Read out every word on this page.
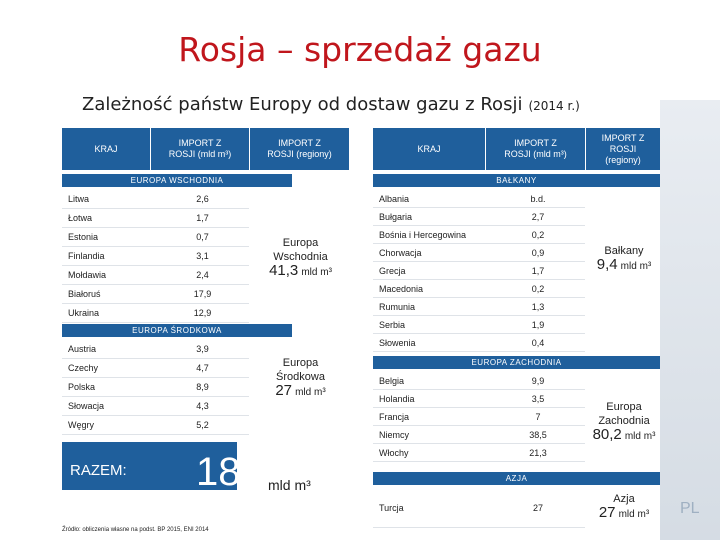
PL
Rosja – sprzedaż gazu
Zależność państw Europy od dostaw gazu z Rosji (2014 r.)
KRAJ
IMPORT Z ROSJI (mld m³)
IMPORT Z ROSJI (regiony)
EUROPA WSCHODNIA
Litwa	2,6
Łotwa	1,7
Estonia	0,7
Finlandia	3,1
Mołdawia	2,4
Białoruś	17,9
Ukraina	12,9
Europa
Wschodnia
41,3 mld m³
EUROPA ŚRODKOWA
Austria	3,9
Czechy	4,7
Polska	8,9
Słowacja	4,3
Węgry	5,2
Europa
Środkowa
27 mld m³
RAZEM: 185 mld m³
KRAJ
IMPORT Z ROSJI (mld m³)
IMPORT Z ROSJI (regiony)
BAŁKANY
Albania	b.d.
Bułgaria	2,7
Bośnia i Hercegowina	0,2
Chorwacja	0,9
Grecja	1,7
Macedonia	0,2
Rumunia	1,3
Serbia	1,9
Słowenia	0,4
Bałkany
9,4 mld m³
EUROPA ZACHODNIA
Belgia	9,9
Holandia	3,5
Francja	7
Niemcy	38,5
Włochy	21,3
Europa
Zachodnia
80,2 mld m³
AZJA
Turcja	27
Azja
27 mld m³
Źródło: obliczenia własne na podst. BP 2015, ENI 2014
